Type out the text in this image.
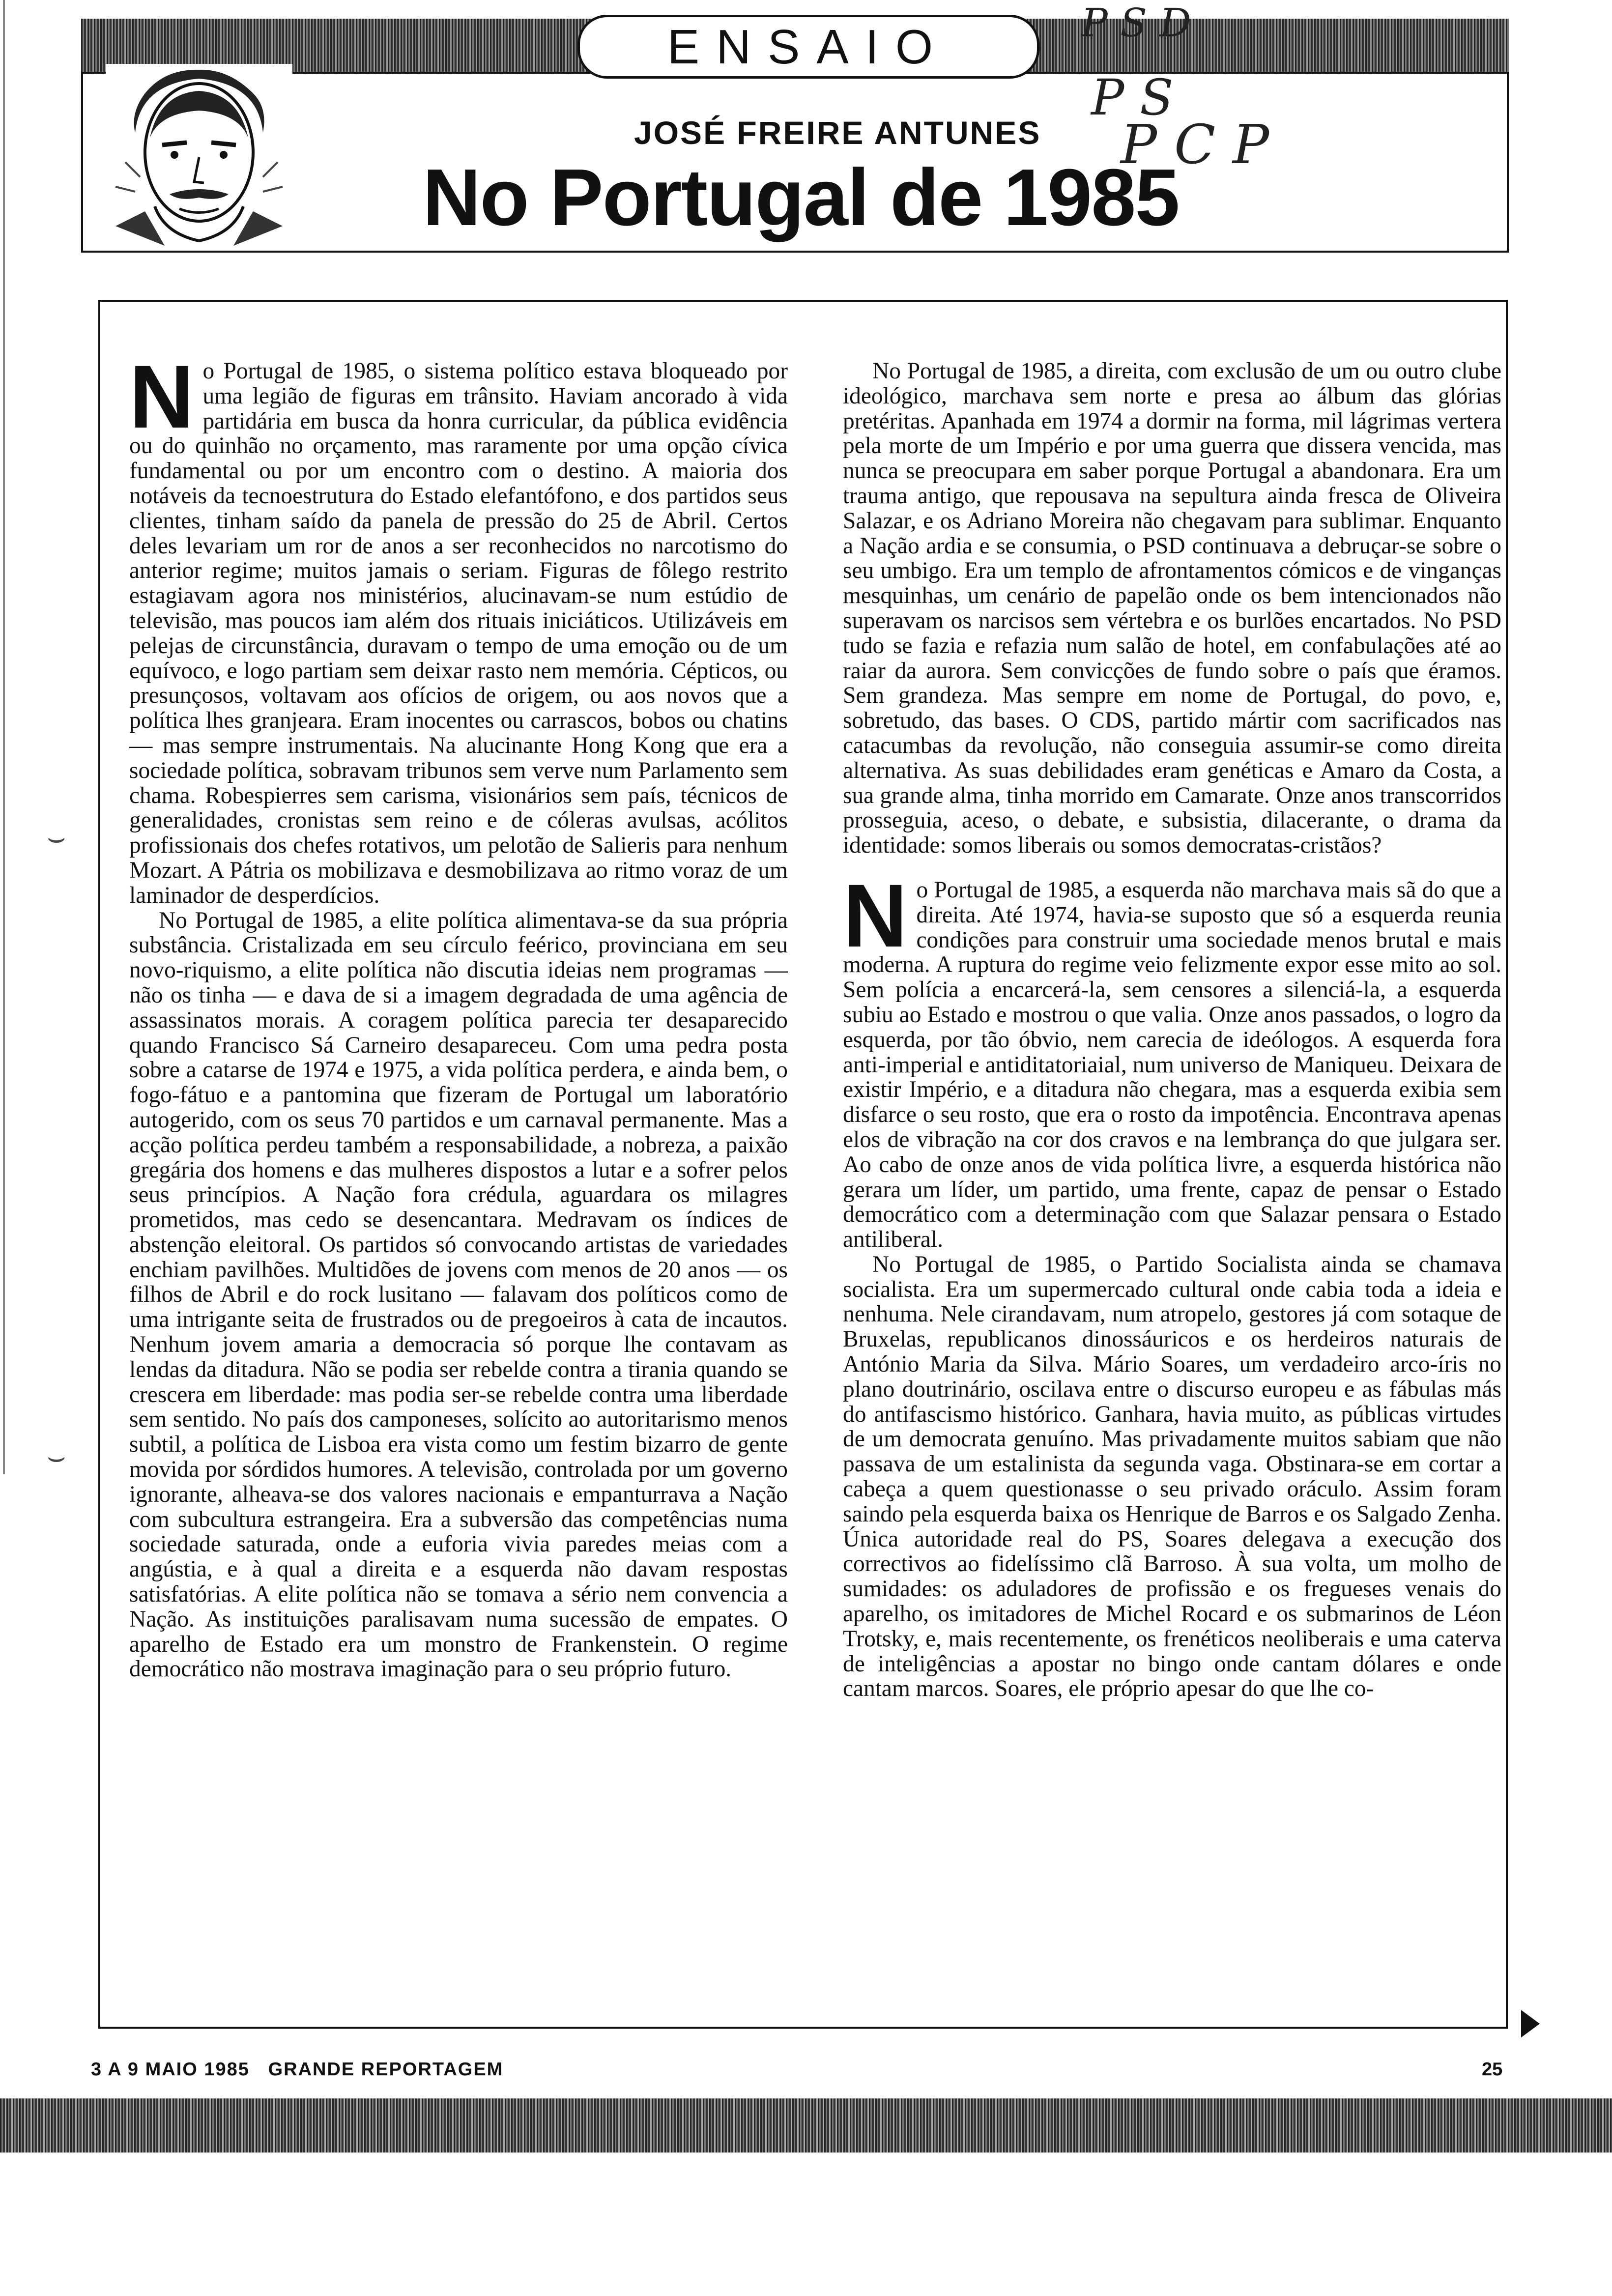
ENSAIO
JOSÉ FREIRE ANTUNES
No Portugal de 1985
P S D
P S
P C P

No Portugal de 1985, o sistema político estava bloqueado por uma legião de figuras em trânsito. Haviam ancorado à vida partidária em busca da honra curricular, da pública evidência ou do quinhão no orçamento, mas raramente por uma opção cívica fundamental ou por um encontro com o destino. A maioria dos notáveis da tecnoestrutura do Estado elefantófono, e dos partidos seus clientes, tinham saído da panela de pressão do 25 de Abril. Certos deles levariam um ror de anos a ser reconhecidos no narcotismo do anterior regime; muitos jamais o seriam. Figuras de fôlego restrito estagiavam agora nos ministérios, alucinavam-se num estúdio de televisão, mas poucos iam além dos rituais iniciáticos. Utilizáveis em pelejas de circunstância, duravam o tempo de uma emoção ou de um equívoco, e logo partiam sem deixar rasto nem memória. Cépticos, ou presunçosos, voltavam aos ofícios de origem, ou aos novos que a política lhes granjeara. Eram inocentes ou carrascos, bobos ou chatins — mas sempre instrumentais. Na alucinante Hong Kong que era a sociedade política, sobravam tribunos sem verve num Parlamento sem chama. Robespierres sem carisma, visionários sem país, técnicos de generalidades, cronistas sem reino e de cóleras avulsas, acólitos profissionais dos chefes rotativos, um pelotão de Salieris para nenhum Mozart. A Pátria os mobilizava e desmobilizava ao ritmo voraz de um laminador de desperdícios.

No Portugal de 1985, a elite política alimentava-se da sua própria substância. Cristalizada em seu círculo feérico, provinciana em seu novo-riquismo, a elite política não discutia ideias nem programas — não os tinha — e dava de si a imagem degradada de uma agência de assassinatos morais. A coragem política parecia ter desaparecido quando Francisco Sá Carneiro desapareceu. Com uma pedra posta sobre a catarse de 1974 e 1975, a vida política perdera, e ainda bem, o fogo-fátuo e a pantomina que fizeram de Portugal um laboratório autogerido, com os seus 70 partidos e um carnaval permanente. Mas a acção política perdeu também a responsabilidade, a nobreza, a paixão gregária dos homens e das mulheres dispostos a lutar e a sofrer pelos seus princípios. A Nação fora crédula, aguardara os milagres prometidos, mas cedo se desencantara. Medravam os índices de abstenção eleitoral. Os partidos só convocando artistas de variedades enchiam pavilhões. Multidões de jovens com menos de 20 anos — os filhos de Abril e do rock lusitano — falavam dos políticos como de uma intrigante seita de frustrados ou de pregoeiros à cata de incautos. Nenhum jovem amaria a democracia só porque lhe contavam as lendas da ditadura. Não se podia ser rebelde contra a tirania quando se crescera em liberdade: mas podia ser-se rebelde contra uma liberdade sem sentido. No país dos camponeses, solícito ao autoritarismo menos subtil, a política de Lisboa era vista como um festim bizarro de gente movida por sórdidos humores. A televisão, controlada por um governo ignorante, alheava-se dos valores nacionais e empanturrava a Nação com subcultura estrangeira. Era a subversão das competências numa sociedade saturada, onde a euforia vivia paredes meias com a angústia, e à qual a direita e a esquerda não davam respostas satisfatórias. A elite política não se tomava a sério nem convencia a Nação. As instituições paralisavam numa sucessão de empates. O aparelho de Estado era um monstro de Frankenstein. O regime democrático não mostrava imaginação para o seu próprio futuro.

No Portugal de 1985, a direita, com exclusão de um ou outro clube ideológico, marchava sem norte e presa ao álbum das glórias pretéritas. Apanhada em 1974 a dormir na forma, mil lágrimas vertera pela morte de um Império e por uma guerra que dissera vencida, mas nunca se preocupara em saber porque Portugal a abandonara. Era um trauma antigo, que repousava na sepultura ainda fresca de Oliveira Salazar, e os Adriano Moreira não chegavam para sublimar. Enquanto a Nação ardia e se consumia, o PSD continuava a debruçar-se sobre o seu umbigo. Era um templo de afrontamentos cómicos e de vinganças mesquinhas, um cenário de papelão onde os bem intencionados não superavam os narcisos sem vértebra e os burlões encartados. No PSD tudo se fazia e refazia num salão de hotel, em confabulações até ao raiar da aurora. Sem convicções de fundo sobre o país que éramos. Sem grandeza. Mas sempre em nome de Portugal, do povo, e, sobretudo, das bases. O CDS, partido mártir com sacrificados nas catacumbas da revolução, não conseguia assumir-se como direita alternativa. As suas debilidades eram genéticas e Amaro da Costa, a sua grande alma, tinha morrido em Camarate. Onze anos transcorridos prosseguia, aceso, o debate, e subsistia, dilacerante, o drama da identidade: somos liberais ou somos democratas-cristãos?

No Portugal de 1985, a esquerda não marchava mais sã do que a direita. Até 1974, havia-se suposto que só a esquerda reunia condições para construir uma sociedade menos brutal e mais moderna. A ruptura do regime veio felizmente expor esse mito ao sol. Sem polícia a encarcerá-la, sem censores a silenciá-la, a esquerda subiu ao Estado e mostrou o que valia. Onze anos passados, o logro da esquerda, por tão óbvio, nem carecia de ideólogos. A esquerda fora anti-imperial e antiditatoriaial, num universo de Maniqueu. Deixara de existir Império, e a ditadura não chegara, mas a esquerda exibia sem disfarce o seu rosto, que era o rosto da impotência. Encontrava apenas elos de vibração na cor dos cravos e na lembrança do que julgara ser. Ao cabo de onze anos de vida política livre, a esquerda histórica não gerara um líder, um partido, uma frente, capaz de pensar o Estado democrático com a determinação com que Salazar pensara o Estado antiliberal.

No Portugal de 1985, o Partido Socialista ainda se chamava socialista. Era um supermercado cultural onde cabia toda a ideia e nenhuma. Nele cirandavam, num atropelo, gestores já com sotaque de Bruxelas, republicanos dinossáuricos e os herdeiros naturais de António Maria da Silva. Mário Soares, um verdadeiro arco-íris no plano doutrinário, oscilava entre o discurso europeu e as fábulas más do antifascismo histórico. Ganhara, havia muito, as públicas virtudes de um democrata genuíno. Mas privadamente muitos sabiam que não passava de um estalinista da segunda vaga. Obstinara-se em cortar a cabeça a quem questionasse o seu privado oráculo. Assim foram saindo pela esquerda baixa os Henrique de Barros e os Salgado Zenha. Única autoridade real do PS, Soares delegava a execução dos correctivos ao fidelíssimo clã Barroso. À sua volta, um molho de sumidades: os aduladores de profissão e os fregueses venais do aparelho, os imitadores de Michel Rocard e os submarinos de Léon Trotsky, e, mais recentemente, os frenéticos neoliberais e uma caterva de inteligências a apostar no bingo onde cantam dólares e onde cantam marcos. Soares, ele próprio apesar do que lhe co-

⌣
⌣
3 A 9 MAIO 1985 GRANDE REPORTAGEM	25
